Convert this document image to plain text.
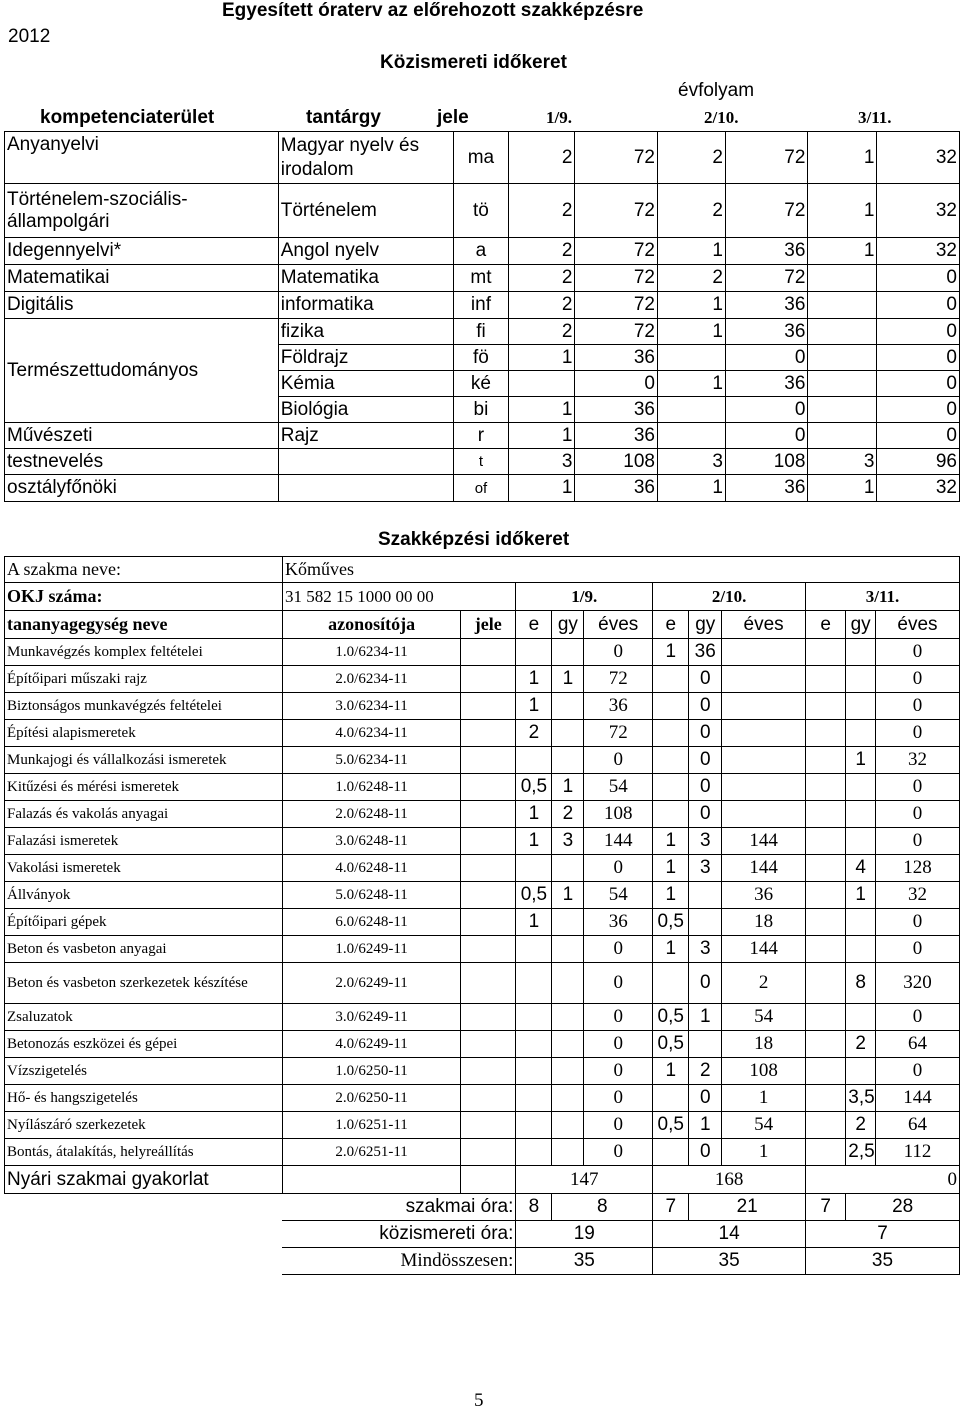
2012
Egyesített óraterv az előrehozott szakképzésre
Közismereti időkeret
évfolyam
kompetenciaterület	tantárgy	jele	1/9.	2/10.	3/11.
Anyanyelvi	Magyar nyelv és irodalom	ma	2	72	2	72	1	32
Történelem-szociális-állampolgári	Történelem	tö	2	72	2	72	1	32
Idegennyelvi*	Angol nyelv	a	2	72	1	36	1	32
Matematikai	Matematika	mt	2	72	2	72		0
Digitális	informatika	inf	2	72	1	36		0
Természettudományos	fizika	fi	2	72	1	36		0
	Földrajz	fö	1	36		0		0
	Kémia	ké		0	1	36		0
	Biológia	bi	1	36		0		0
Művészeti	Rajz	r	1	36		0		0
testnevelés		t	3	108	3	108	3	96
osztályfőnöki		of	1	36	1	36	1	32
Szakképzési időkeret
A szakma neve:	Kőműves										
OKJ száma:	31 582 15 1000 00 00		1/9.			2/10.			3/11.		
tananyagegység neve	azonosítója	jele	e	gy	éves	e	gy	éves	e	gy	éves
Munkavégzés komplex feltételei	1.0/6234-11				0	1	36				0
Építőipari műszaki rajz	2.0/6234-11		1	1	72		0				0
Biztonságos munkavégzés feltételei	3.0/6234-11		1		36		0				0
Építési alapismeretek	4.0/6234-11		2		72		0				0
Munkajogi és vállalkozási ismeretek	5.0/6234-11				0		0			1	32
Kitűzési és mérési ismeretek	1.0/6248-11		0,5	1	54		0				0
Falazás és vakolás anyagai	2.0/6248-11		1	2	108		0				0
Falazási ismeretek	3.0/6248-11		1	3	144	1	3	144			0
Vakolási ismeretek	4.0/6248-11				0	1	3	144		4	128
Állványok	5.0/6248-11		0,5	1	54	1		36		1	32
Építőipari gépek	6.0/6248-11		1		36	0,5		18			0
Beton és vasbeton anyagai	1.0/6249-11				0	1	3	144			0
Beton és vasbeton szerkezetek készítése	2.0/6249-11				0		0	2		8	320
Zsaluzatok	3.0/6249-11				0	0,5	1	54			0
Betonozás eszközei és gépei	4.0/6249-11				0	0,5		18		2	64
Vízszigetelés	1.0/6250-11				0	1	2	108			0
Hő- és hangszigetelés	2.0/6250-11				0		0	1		3,5	144
Nyílászáró szerkezetek	1.0/6251-11				0	0,5	1	54		2	64
Bontás, átalakítás, helyreállítás	2.0/6251-11				0		0	1		2,5	112
Nyári szakmai gyakorlat			147			168			0		
	szakmai óra:		8	8		7	21		7	28	
	közismereti óra:		19			14			7		
	Mindösszesen:		35			35			35		
5
